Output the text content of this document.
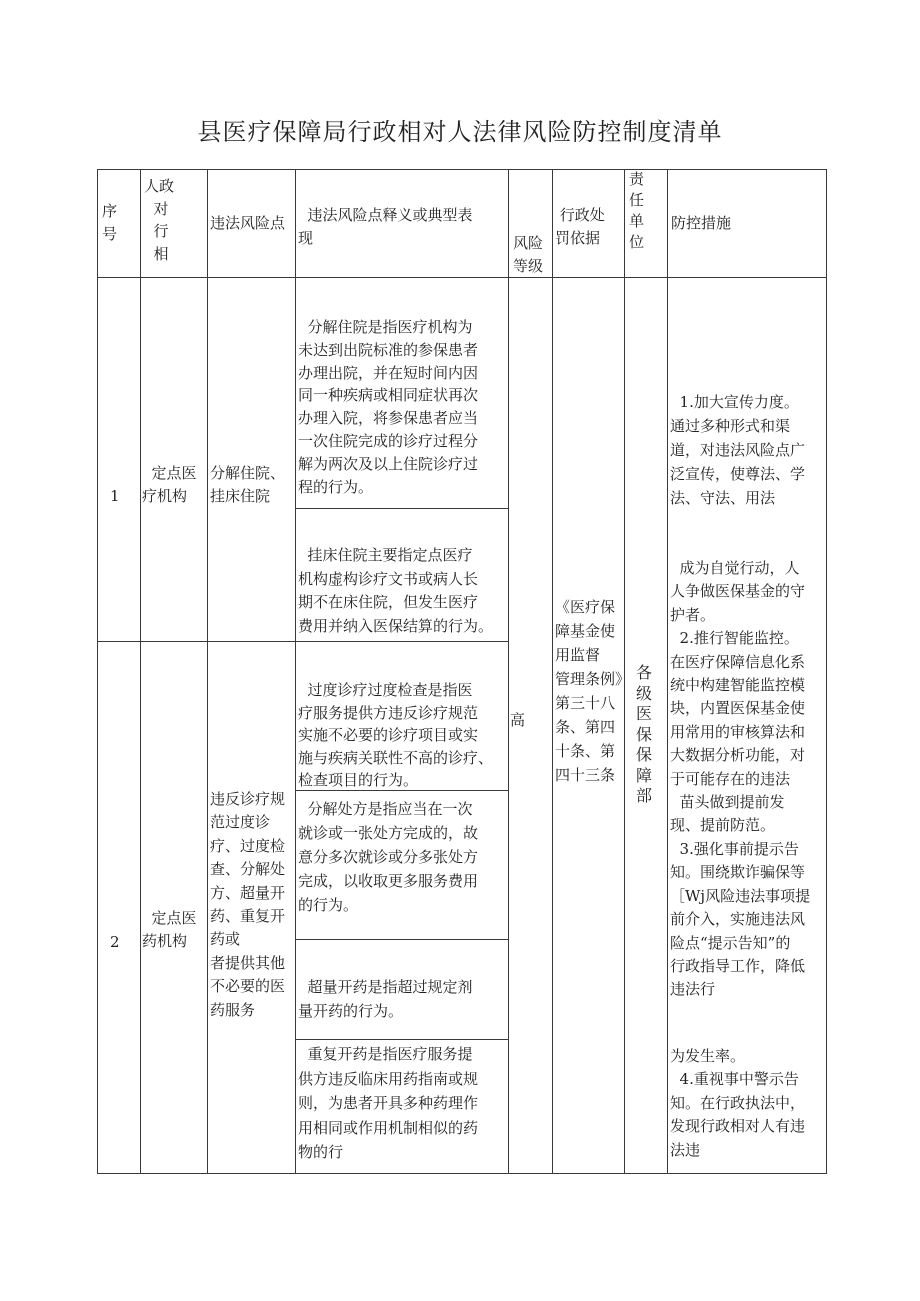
县医疗保障局行政相对人法律风险防控制度清单
序
号
人政
对
行
相
违法风险点	违法风险点释义或典型表
现	风险
等级
行政处
罚依据
责
任
单
位
防控措施
1
定点医
疗机构
分解住院、
挂床住院
分解住院是指医疗机构为
未达到出院标准的参保患者
办理出院，并在短时间内因
同一种疾病或相同症状再次
办理入院，将参保患者应当
一次住院完成的诊疗过程分
解为两次及以上住院诊疗过
程的行为。
挂床住院主要指定点医疗
机构虚构诊疗文书或病人长
期不在床住院，但发生医疗
费用并纳入医保结算的行为。
2
定点医
药机构
违反诊疗规
范过度诊
疗、过度检
查、分解处
方、超量开
药、重复开
药或
者提供其他
不必要的医
药服务
过度诊疗过度检查是指医
疗服务提供方违反诊疗规范
实施不必要的诊疗项目或实
施与疾病关联性不高的诊疗、
检查项目的行为。
分解处方是指应当在一次
就诊或一张处方完成的，故
意分多次就诊或分多张处方
完成，以收取更多服务费用
的行为。
超量开药是指超过规定剂
量开药的行为。
重复开药是指医疗服务提
供方违反临床用药指南或规
则，为患者开具多种药理作
用相同或作用机制相似的药
物的行
高
《医疗保
障基金使
用监督
管理条例》
第三十八
条、第四
十条、第
四十三条
各
级
医
保
保
障
部
1.加大宣传力度。
通过多种形式和渠
道，对违法风险点广
泛宣传，使尊法、学
法、守法、用法
成为自觉行动，人
人争做医保基金的守
护者。
2.推行智能监控。
在医疗保障信息化系
统中构建智能监控模
块，内置医保基金使
用常用的审核算法和
大数据分析功能，对
于可能存在的违法
苗头做到提前发
现、提前防范。
3.强化事前提示告
知。围绕欺诈骗保等
［Wj风险违法事项提
前介入，实施违法风
险点“提示告知”的
行政指导工作，降低
违法行
为发生率。
4.重视事中警示告
知。在行政执法中，
发现行政相对人有违
法违
